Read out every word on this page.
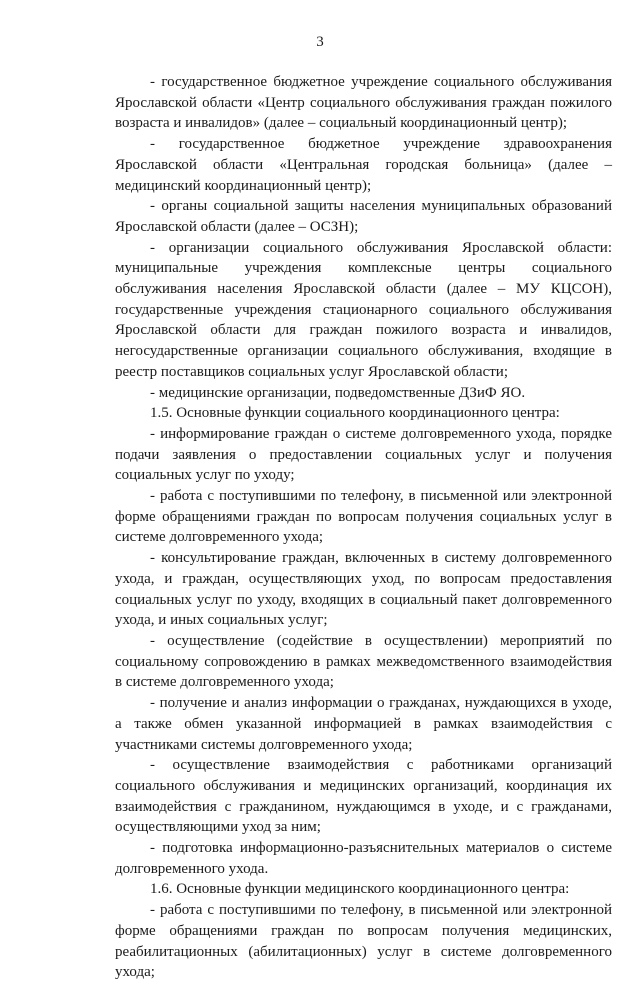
3

- государственное бюджетное учреждение социального обслуживания Ярославской области «Центр социального обслуживания граждан пожилого возраста и инвалидов» (далее – социальный координационный центр);

- государственное бюджетное учреждение здравоохранения Ярославской области «Центральная городская больница» (далее – медицинский координационный центр);

- органы социальной защиты населения муниципальных образований Ярославской области (далее – ОСЗН);

- организации социального обслуживания Ярославской области: муниципальные учреждения комплексные центры социального обслуживания населения Ярославской области (далее – МУ КЦСОН), государственные учреждения стационарного социального обслуживания Ярославской области для граждан пожилого возраста и инвалидов, негосударственные организации социального обслуживания, входящие в реестр поставщиков социальных услуг Ярославской области;

- медицинские организации, подведомственные ДЗиФ ЯО.

1.5. Основные функции социального координационного центра:

- информирование граждан о системе долговременного ухода, порядке подачи заявления о предоставлении социальных услуг и получения социальных услуг по уходу;

- работа с поступившими по телефону, в письменной или электронной форме обращениями граждан по вопросам получения социальных услуг в системе долговременного ухода;

- консультирование граждан, включенных в систему долговременного ухода, и граждан, осуществляющих уход, по вопросам предоставления социальных услуг по уходу, входящих в социальный пакет долговременного ухода, и иных социальных услуг;

- осуществление (содействие в осуществлении) мероприятий по социальному сопровождению в рамках межведомственного взаимодействия в системе долговременного ухода;

- получение и анализ информации о гражданах, нуждающихся в уходе, а также обмен указанной информацией в рамках взаимодействия с участниками системы долговременного ухода;

- осуществление взаимодействия с работниками организаций социального обслуживания и медицинских организаций, координация их взаимодействия с гражданином, нуждающимся в уходе, и с гражданами, осуществляющими уход за ним;

- подготовка информационно-разъяснительных материалов о системе долговременного ухода.

1.6. Основные функции медицинского координационного центра:

- работа с поступившими по телефону, в письменной или электронной форме обращениями граждан по вопросам получения медицинских, реабилитационных (абилитационных) услуг в системе долговременного ухода;
